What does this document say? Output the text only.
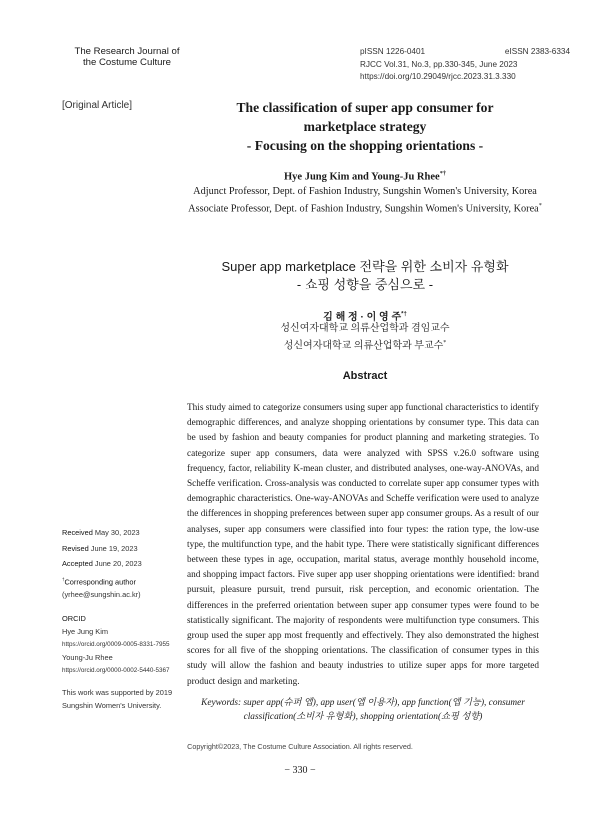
The Research Journal of
the Costume Culture
pISSN 1226-0401	eISSN 2383-6334
RJCC Vol.31, No.3, pp.330-345, June 2023
https://doi.org/10.29049/rjcc.2023.31.3.330
[Original Article]	The classification of super app consumer for
marketplace strategy
- Focusing on the shopping orientations -
Hye Jung Kim and Young-Ju Rhee*†
Adjunct Professor, Dept. of Fashion Industry, Sungshin Women's University, Korea
Associate Professor, Dept. of Fashion Industry, Sungshin Women's University, Korea*
Super app marketplace 전략을 위한 소비자 유형화
- 쇼핑 성향을 중심으로 -
김 해 정 · 이 영 주*†
성신여자대학교 의류산업학과 겸임교수
성신여자대학교 의류산업학과 부교수*
Abstract
This study aimed to categorize consumers using super app functional characteristics to identify demographic differences, and analyze shopping orientations by consumer type. This data can be used by fashion and beauty companies for product planning and marketing strategies. To categorize super app consumers, data were analyzed with SPSS v.26.0 software using frequency, factor, reliability K-mean cluster, and distributed analyses, one-way-ANOVAs, and Scheffe verification. Cross-analysis was conducted to correlate super app consumer types with demographic characteristics. One-way-ANOVAs and Scheffe verification were used to analyze the differences in shopping preferences between super app consumer groups. As a result of our analyses, super app consumers were classified into four types: the ration type, the low-use type, the multifunction type, and the habit type. There were statistically significant differences between these types in age, occupation, marital status, average monthly household income, and shopping impact factors. Five super app user shopping orientations were identified: brand pursuit, pleasure pursuit, trend pursuit, risk perception, and economic orientation. The differences in the preferred orientation between super app consumer types were found to be statistically significant. The majority of respondents were multifunction type consumers. This group used the super app most frequently and effectively. They also demonstrated the highest scores for all five of the shopping orientations. The classification of consumer types in this study will allow the fashion and beauty industries to utilize super apps for more targeted product design and marketing.
Keywords: super app(슈퍼 앱), app user(앱 이용자), app function(앱 기능), consumer classification(소비자 유형화), shopping orientation(쇼핑 성향)
Received May 30, 2023
Revised June 19, 2023
Accepted June 20, 2023
†Corresponding author
(yrhee@sungshin.ac.kr)
ORCID
Hye Jung Kim
https://orcid.org/0009-0005-8331-7955
Young-Ju Rhee
https://orcid.org/0000-0002-5440-5367
This work was supported by 2019 Sungshin Women's University.
Copyright©2023, The Costume Culture Association. All rights reserved.
− 330 −
